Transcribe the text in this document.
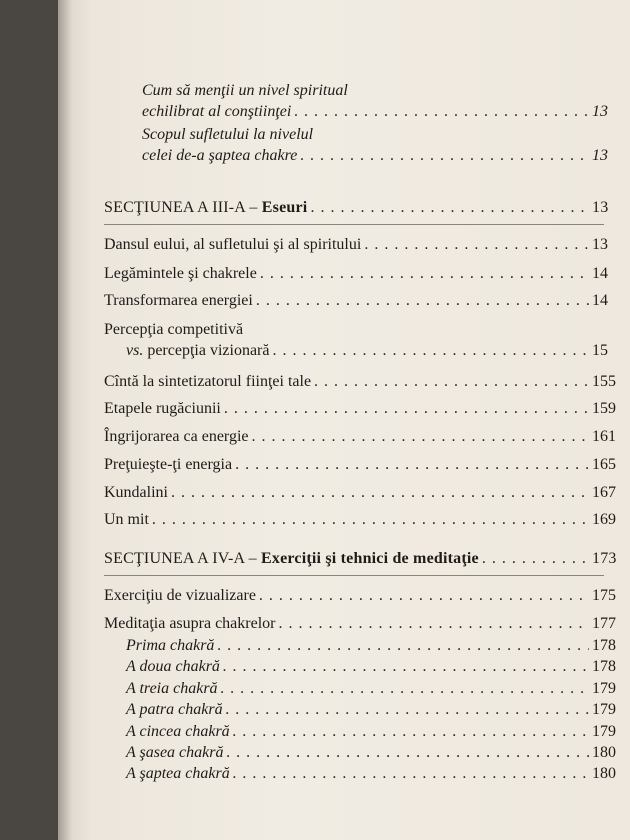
Cum să menţii un nivel spiritual
echilibrat al conştiinţei . . .	13
Scopul sufletului la nivelul
celei de-a şaptea chakre . . .	13
SECŢIUNEA A III-A – Eseuri . . .	13
Dansul eului, al sufletului şi al spiritului . . .	13
Legămintele şi chakrele . . .	14
Transformarea energiei . . .	14
Percepţia competitivă
vs. percepţia vizionară . . .	15
Cîntă la sintetizatorul fiinţei tale . . .	155
Etapele rugăciunii . . .	159
Îngrijorarea ca energie . . .	161
Preţuieşte-ţi energia . . .	165
Kundalini . . .	167
Un mit . . .	169
SECŢIUNEA A IV-A – Exerciţii şi tehnici de meditaţie . . .	173
Exerciţiu de vizualizare . . .	175
Meditaţia asupra chakrelor . . .	177
Prima chakră . . .	178
A doua chakră . . .	178
A treia chakră . . .	179
A patra chakră . . .	179
A cincea chakră . . .	179
A şasea chakră . . .	180
A şaptea chakră . . .	180
